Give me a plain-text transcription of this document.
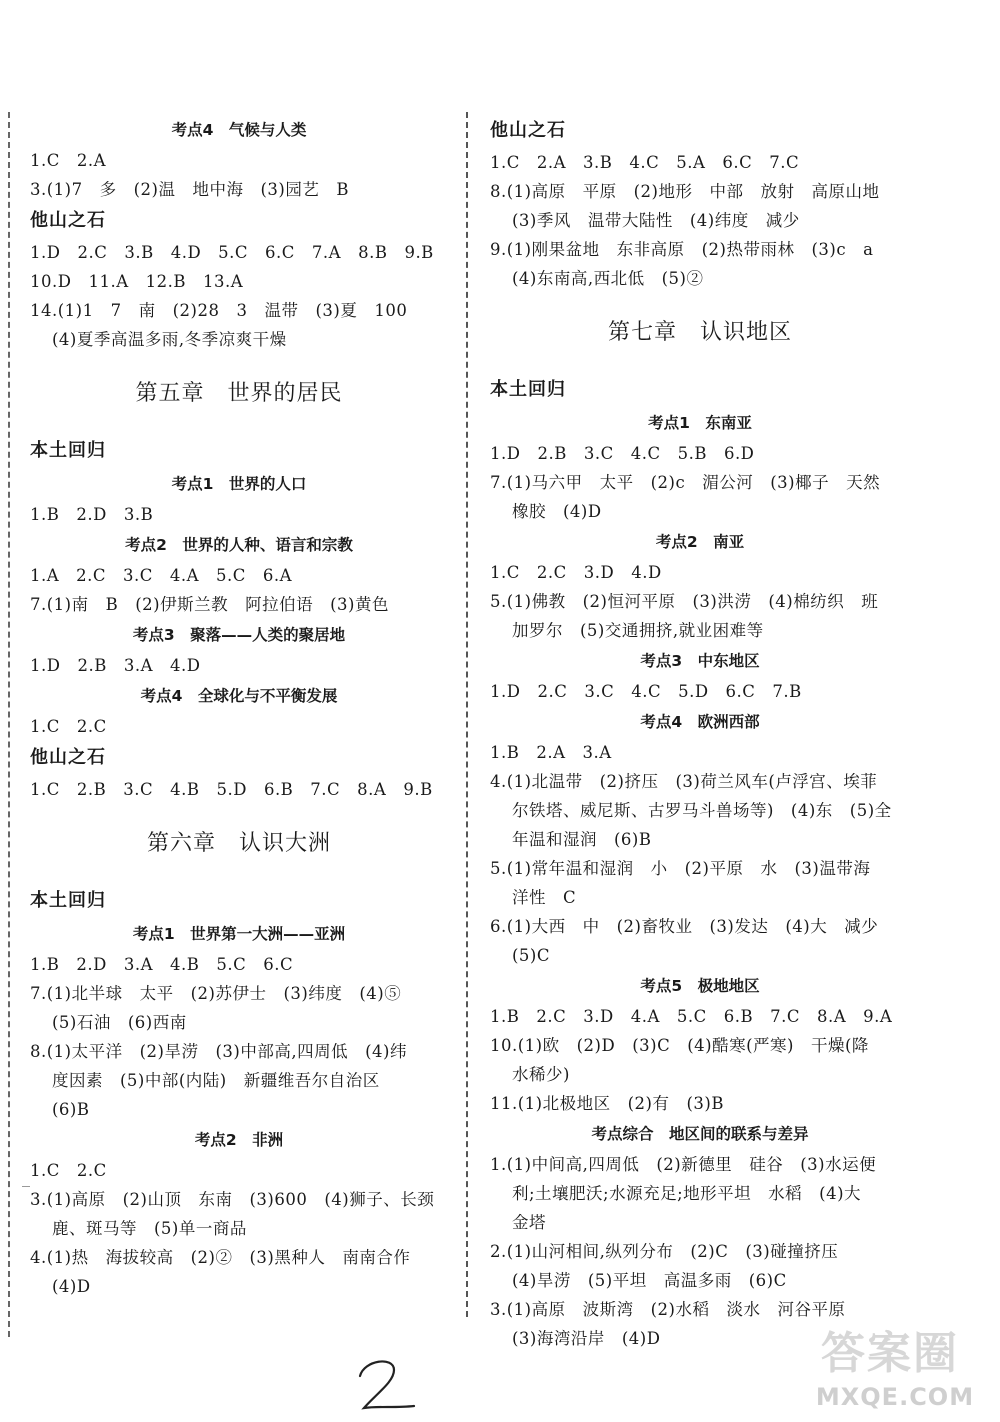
考点4　气候与人类
1.C　2.A
3.(1)7　多　(2)温　地中海　(3)园艺　B
他山之石
1.D　2.C　3.B　4.D　5.C　6.C　7.A　8.B　9.B
10.D　11.A　12.B　13.A
14.(1)1　7　南　(2)28　3　温带　(3)夏　100
(4)夏季高温多雨,冬季凉爽干燥
第五章　世界的居民
本土回归
考点1　世界的人口
1.B　2.D　3.B
考点2　世界的人种、语言和宗教
1.A　2.C　3.C　4.A　5.C　6.A
7.(1)南　B　(2)伊斯兰教　阿拉伯语　(3)黄色
考点3　聚落——人类的聚居地
1.D　2.B　3.A　4.D
考点4　全球化与不平衡发展
1.C　2.C
他山之石
1.C　2.B　3.C　4.B　5.D　6.B　7.C　8.A　9.B
第六章　认识大洲
本土回归
考点1　世界第一大洲——亚洲
1.B　2.D　3.A　4.B　5.C　6.C
7.(1)北半球　太平　(2)苏伊士　(3)纬度　(4)⑤
(5)石油　(6)西南
8.(1)太平洋　(2)旱涝　(3)中部高,四周低　(4)纬
度因素　(5)中部(内陆)　新疆维吾尔自治区
(6)B
考点2　非洲
1.C　2.C
3.(1)高原　(2)山顶　东南　(3)600　(4)狮子、长颈
鹿、斑马等　(5)单一商品
4.(1)热　海拔较高　(2)②　(3)黑种人　南南合作
(4)D
他山之石
1.C　2.A　3.B　4.C　5.A　6.C　7.C
8.(1)高原　平原　(2)地形　中部　放射　高原山地
(3)季风　温带大陆性　(4)纬度　减少
9.(1)刚果盆地　东非高原　(2)热带雨林　(3)c　a
(4)东南高,西北低　(5)②
第七章　认识地区
本土回归
考点1　东南亚
1.D　2.B　3.C　4.C　5.B　6.D
7.(1)马六甲　太平　(2)c　湄公河　(3)椰子　天然
橡胶　(4)D
考点2　南亚
1.C　2.C　3.D　4.D
5.(1)佛教　(2)恒河平原　(3)洪涝　(4)棉纺织　班
加罗尔　(5)交通拥挤,就业困难等
考点3　中东地区
1.D　2.C　3.C　4.C　5.D　6.C　7.B
考点4　欧洲西部
1.B　2.A　3.A
4.(1)北温带　(2)挤压　(3)荷兰风车(卢浮宫、埃菲
尔铁塔、威尼斯、古罗马斗兽场等)　(4)东　(5)全
年温和湿润　(6)B
5.(1)常年温和湿润　小　(2)平原　水　(3)温带海
洋性　C
6.(1)大西　中　(2)畜牧业　(3)发达　(4)大　减少
(5)C
考点5　极地地区
1.B　2.C　3.D　4.A　5.C　6.B　7.C　8.A　9.A
10.(1)欧　(2)D　(3)C　(4)酷寒(严寒)　干燥(降
水稀少)
11.(1)北极地区　(2)有　(3)B
考点综合　地区间的联系与差异
1.(1)中间高,四周低　(2)新德里　硅谷　(3)水运便
利;土壤肥沃;水源充足;地形平坦　水稻　(4)大
金塔
2.(1)山河相间,纵列分布　(2)C　(3)碰撞挤压
(4)旱涝　(5)平坦　高温多雨　(6)C
3.(1)高原　波斯湾　(2)水稻　淡水　河谷平原
(3)海湾沿岸　(4)D	答案圈
MXQE.COM
